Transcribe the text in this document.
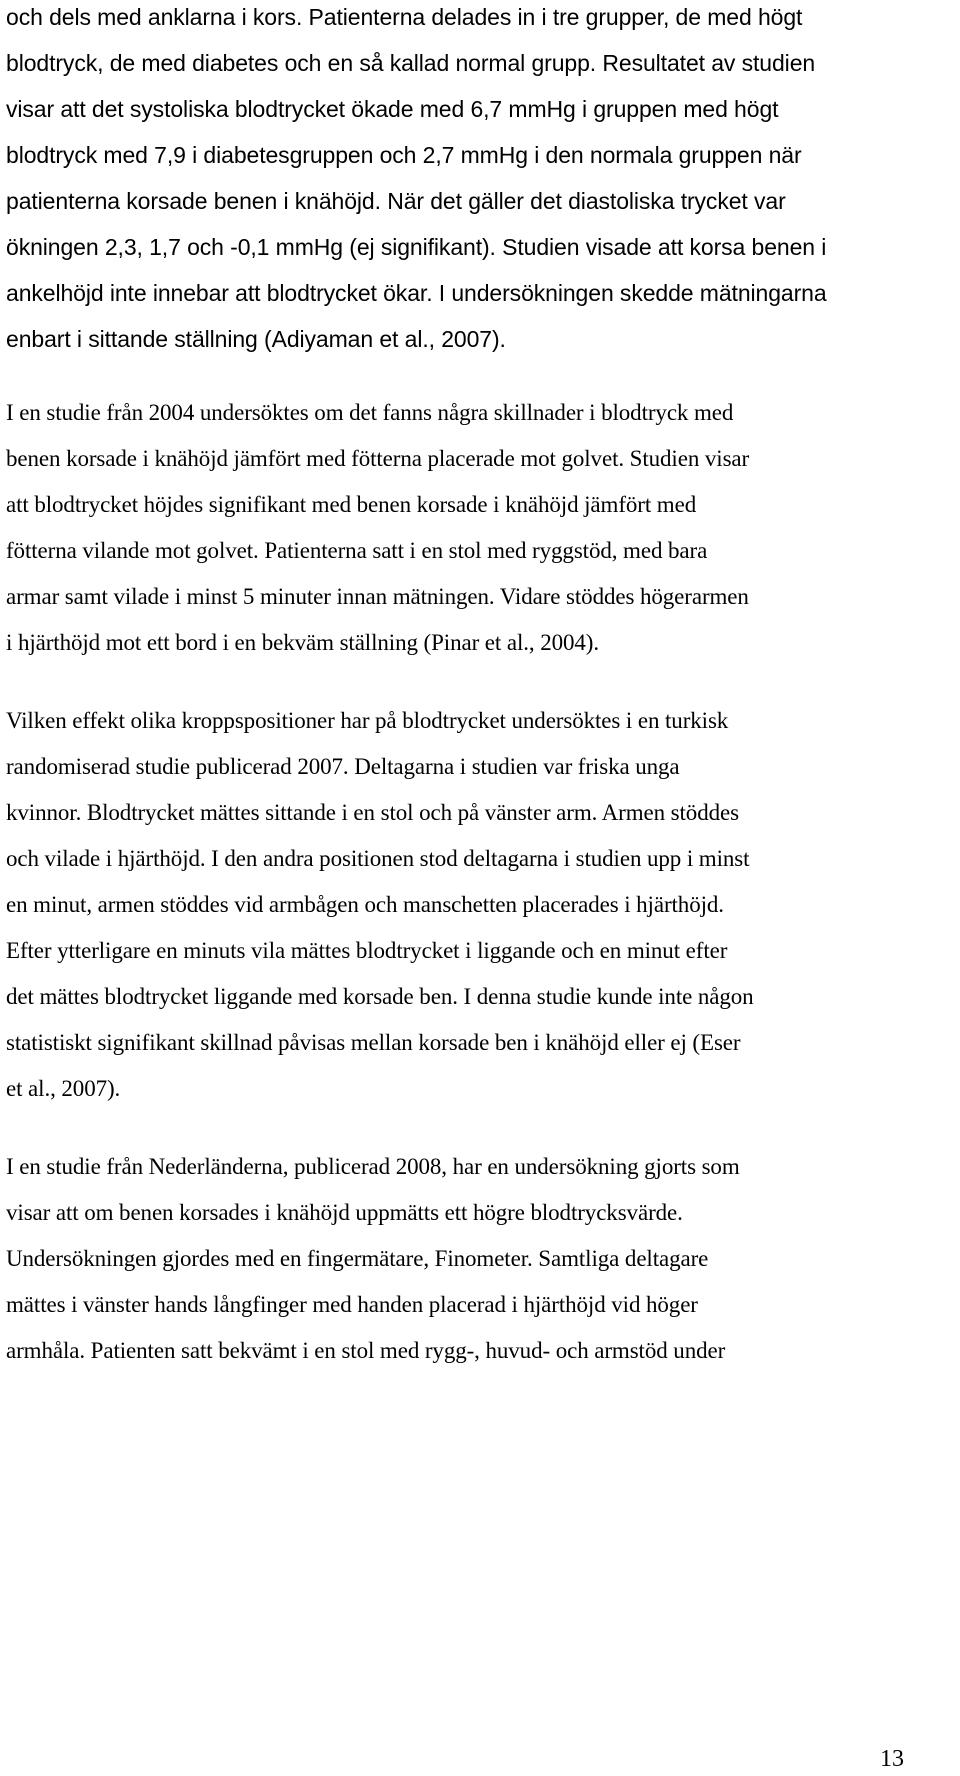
och dels med anklarna i kors. Patienterna delades in i tre grupper, de med högt
blodtryck, de med diabetes och en så kallad normal grupp. Resultatet av studien
visar att det systoliska blodtrycket ökade med 6,7 mmHg i gruppen med högt
blodtryck med 7,9 i diabetesgruppen och 2,7 mmHg i den normala gruppen när
patienterna korsade benen i knähöjd. När det gäller det diastoliska trycket var
ökningen 2,3, 1,7 och -0,1 mmHg (ej signifikant). Studien visade att korsa benen i
ankelhöjd inte innebar att blodtrycket ökar. I undersökningen skedde mätningarna
enbart i sittande ställning (Adiyaman et al., 2007).
I en studie från 2004 undersöktes om det fanns några skillnader i blodtryck med
benen korsade i knähöjd jämfört med fötterna placerade mot golvet. Studien visar
att blodtrycket höjdes signifikant med benen korsade i knähöjd jämfört med
fötterna vilande mot golvet. Patienterna satt i en stol med ryggstöd, med bara
armar samt vilade i minst 5 minuter innan mätningen. Vidare stöddes högerarmen
i hjärthöjd mot ett bord i en bekväm ställning (Pinar et al., 2004).
Vilken effekt olika kroppspositioner har på blodtrycket undersöktes i en turkisk
randomiserad studie publicerad 2007. Deltagarna i studien var friska unga
kvinnor. Blodtrycket mättes sittande i en stol och på vänster arm. Armen stöddes
och vilade i hjärthöjd. I den andra positionen stod deltagarna i studien upp i minst
en minut, armen stöddes vid armbågen och manschetten placerades i hjärthöjd.
Efter ytterligare en minuts vila mättes blodtrycket i liggande och en minut efter
det mättes blodtrycket liggande med korsade ben. I denna studie kunde inte någon
statistiskt signifikant skillnad påvisas mellan korsade ben i knähöjd eller ej (Eser
et al., 2007).
I en studie från Nederländerna, publicerad 2008, har en undersökning gjorts som
visar att om benen korsades i knähöjd uppmätts ett högre blodtrycksvärde.
Undersökningen gjordes med en fingermätare, Finometer. Samtliga deltagare
mättes i vänster hands långfinger med handen placerad i hjärthöjd vid höger
armhåla. Patienten satt bekvämt i en stol med rygg-, huvud- och armstöd under
13
